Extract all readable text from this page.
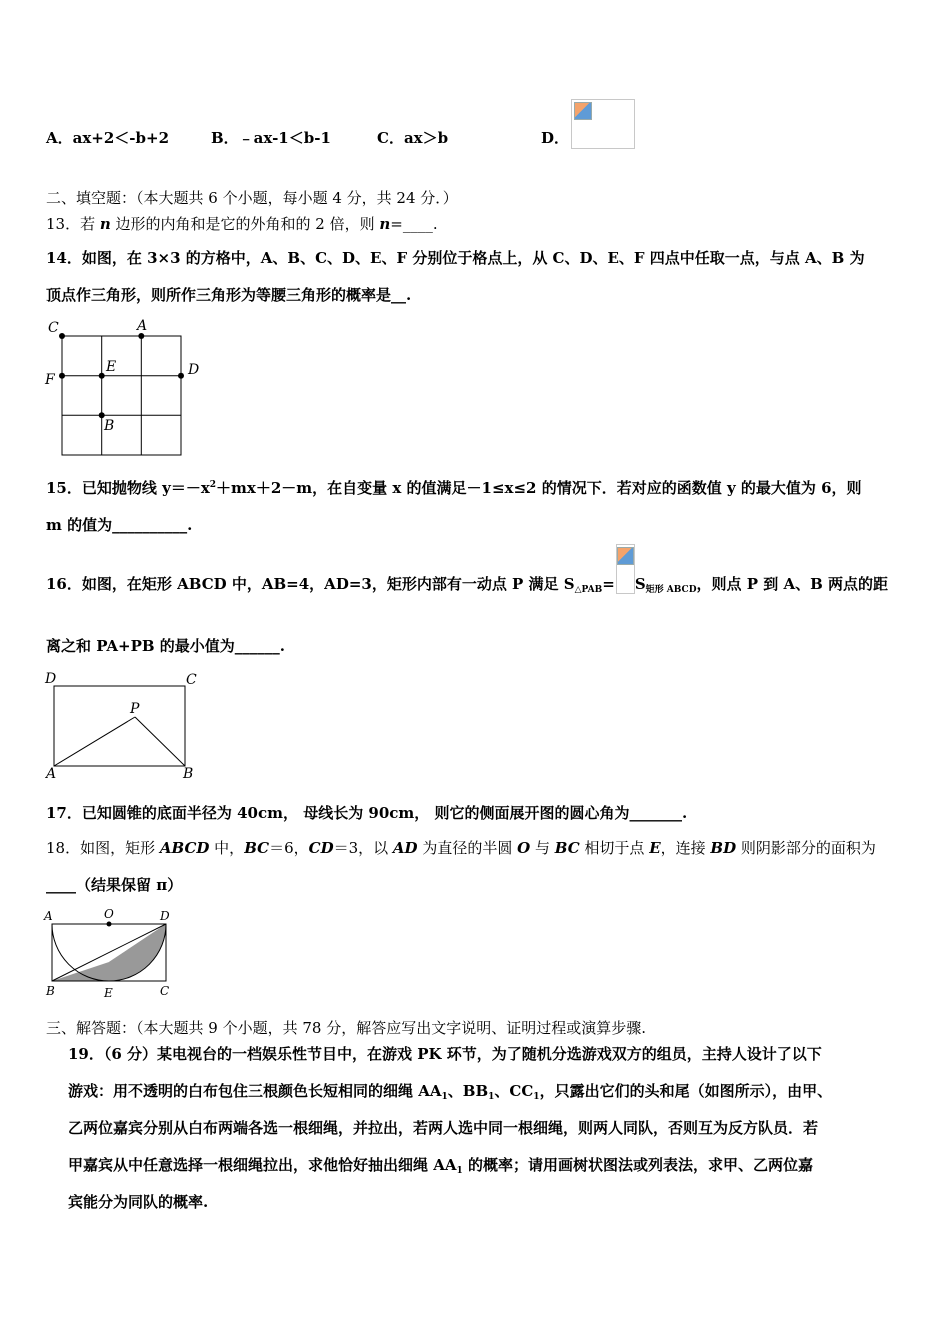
A．ax+2＜-b+2	B．﹣ax-1＜b-1	C．ax＞b	D．
二、填空题：（本大题共 6 个小题，每小题 4 分，共 24 分．）
13．若 n 边形的内角和是它的外角和的 2 倍，则 n=____.
14．如图，在 3×3 的方格中，A、B、C、D、E、F 分别位于格点上，从 C、D、E、F 四点中任取一点，与点 A、B 为
顶点作三角形，则所作三角形为等腰三角形的概率是__.
C	A
E	D
F
B
15．已知抛物线 $y=-x^2+mx+2-m$，在自变量 x 的值满足－1≤x≤2 的情况下．若对应的函数值 y 的最大值为 6，则
m 的值为__________.
16．如图，在矩形 ABCD 中，AB=4，AD=3，矩形内部有一动点 P 满足 $S_{\triangle PAB}= S_{矩形 ABCD}$，则点 P 到 A、B 两点的距
离之和 PA+PB 的最小值为______.
D	C
P
A	B
17．已知圆锥的底面半径为 40cm， 母线长为 90cm， 则它的侧面展开图的圆心角为_______.
18．如图，矩形 ABCD 中，BC＝6，CD＝3，以 AD 为直径的半圆 O 与 BC 相切于点 E，连接 BD 则阴影部分的面积为
____（结果保留 π）
A	O	D
B	E	C
三、解答题：（本大题共 9 个小题，共 78 分，解答应写出文字说明、证明过程或演算步骤.
19．（6 分）某电视台的一档娱乐性节目中，在游戏 PK 环节，为了随机分选游戏双方的组员，主持人设计了以下
游戏：用不透明的白布包住三根颜色长短相同的细绳 $AA_1$、$BB_1$、$CC_1$，只露出它们的头和尾（如图所示），由甲、
乙两位嘉宾分别从白布两端各选一根细绳，并拉出，若两人选中同一根细绳，则两人同队，否则互为反方队员．若
甲嘉宾从中任意选择一根细绳拉出，求他恰好抽出细绳 $AA_1$ 的概率；请用画树状图法或列表法，求甲、乙两位嘉
宾能分为同队的概率.
